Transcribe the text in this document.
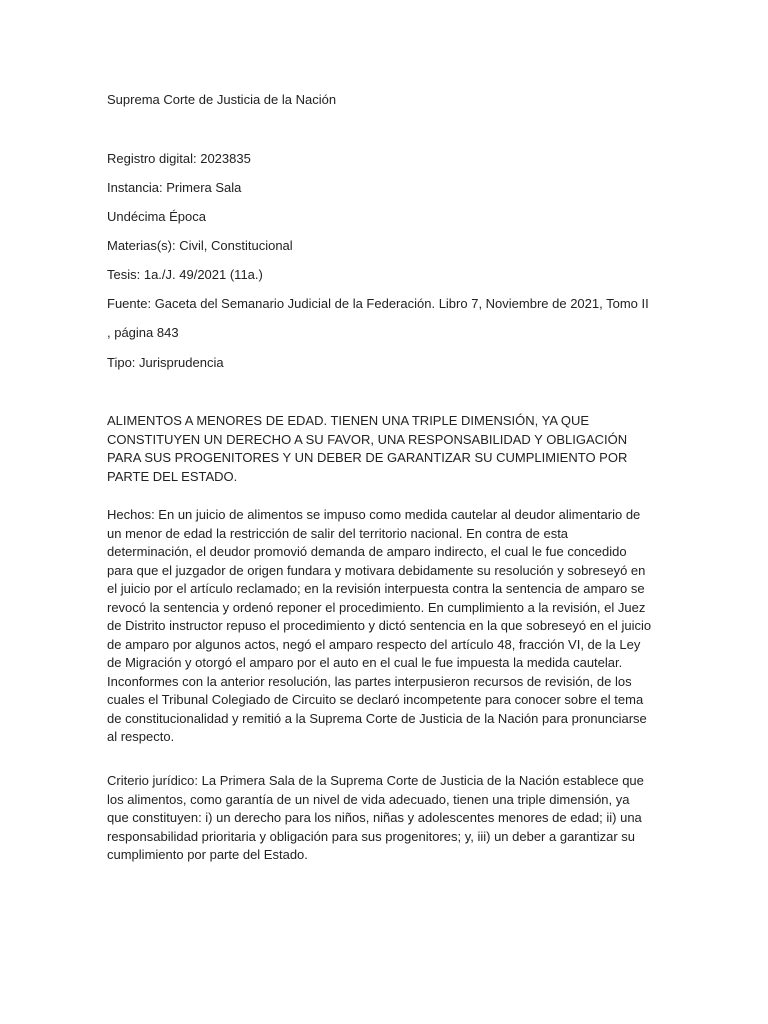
Suprema Corte de Justicia de la Nación
Registro digital: 2023835
Instancia: Primera Sala
Undécima Época
Materias(s): Civil, Constitucional
Tesis: 1a./J. 49/2021 (11a.)
Fuente: Gaceta del Semanario Judicial de la Federación. Libro 7, Noviembre de 2021, Tomo II
, página 843
Tipo: Jurisprudencia
ALIMENTOS A MENORES DE EDAD. TIENEN UNA TRIPLE DIMENSIÓN, YA QUE CONSTITUYEN UN DERECHO A SU FAVOR, UNA RESPONSABILIDAD Y OBLIGACIÓN PARA SUS PROGENITORES Y UN DEBER DE GARANTIZAR SU CUMPLIMIENTO POR PARTE DEL ESTADO.
Hechos: En un juicio de alimentos se impuso como medida cautelar al deudor alimentario de un menor de edad la restricción de salir del territorio nacional. En contra de esta determinación, el deudor promovió demanda de amparo indirecto, el cual le fue concedido para que el juzgador de origen fundara y motivara debidamente su resolución y sobreseyó en el juicio por el artículo reclamado; en la revisión interpuesta contra la sentencia de amparo se revocó la sentencia y ordenó reponer el procedimiento. En cumplimiento a la revisión, el Juez de Distrito instructor repuso el procedimiento y dictó sentencia en la que sobreseyó en el juicio de amparo por algunos actos, negó el amparo respecto del artículo 48, fracción VI, de la Ley de Migración y otorgó el amparo por el auto en el cual le fue impuesta la medida cautelar. Inconformes con la anterior resolución, las partes interpusieron recursos de revisión, de los cuales el Tribunal Colegiado de Circuito se declaró incompetente para conocer sobre el tema de constitucionalidad y remitió a la Suprema Corte de Justicia de la Nación para pronunciarse al respecto.
Criterio jurídico: La Primera Sala de la Suprema Corte de Justicia de la Nación establece que los alimentos, como garantía de un nivel de vida adecuado, tienen una triple dimensión, ya que constituyen: i) un derecho para los niños, niñas y adolescentes menores de edad; ii) una responsabilidad prioritaria y obligación para sus progenitores; y, iii) un deber a garantizar su cumplimiento por parte del Estado.
